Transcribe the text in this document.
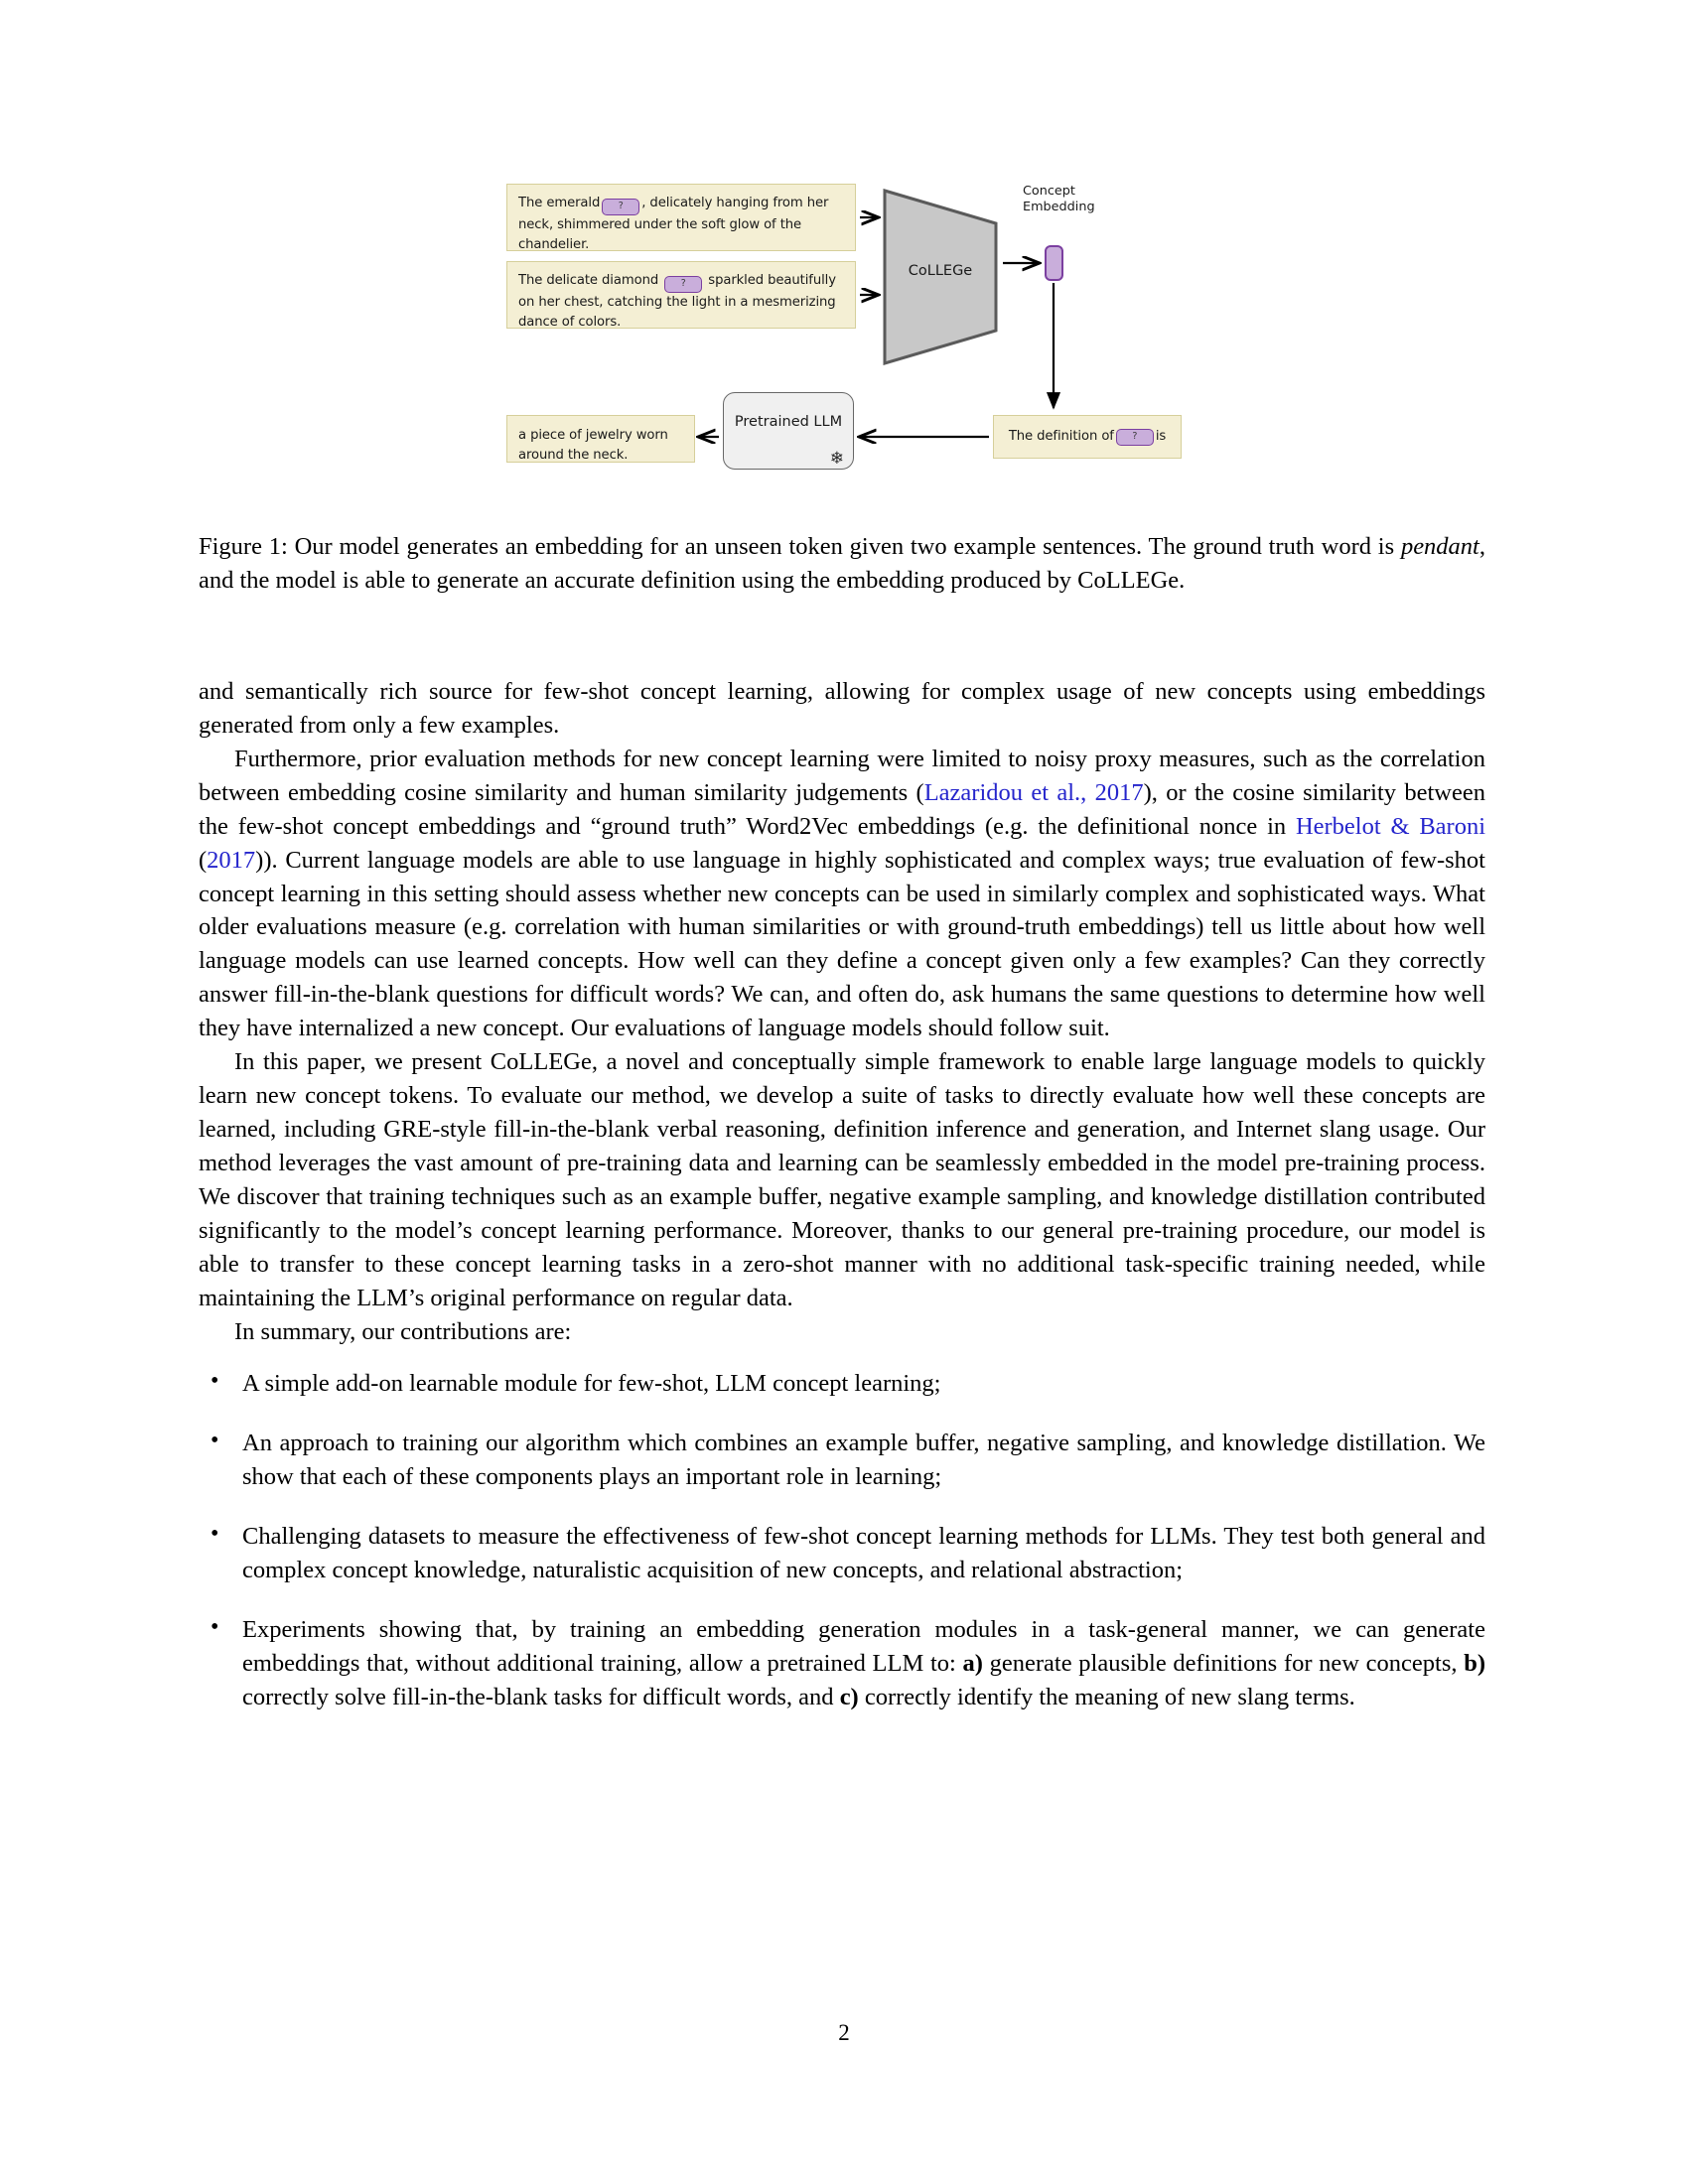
The emerald ? , delicately hanging from her neck, shimmered under the soft glow of the chandelier.
The delicate diamond ? sparkled beautifully on her chest, catching the light in a mesmerizing dance of colors.
CoLLEGe
Concept
Embedding
The definition of	?	is
Pretrained LLM
❄
a piece of jewelry worn around the neck.
Figure 1: Our model generates an embedding for an unseen token given two example sentences. The ground truth word is pendant, and the model is able to generate an accurate definition using the embedding produced by CoLLEGe.

and semantically rich source for few-shot concept learning, allowing for complex usage of new concepts using embeddings generated from only a few examples.

Furthermore, prior evaluation methods for new concept learning were limited to noisy proxy measures, such as the correlation between embedding cosine similarity and human similarity judgements (Lazaridou et al., 2017), or the cosine similarity between the few-shot concept embeddings and “ground truth” Word2Vec embeddings (e.g. the definitional nonce in Herbelot & Baroni (2017)). Current language models are able to use language in highly sophisticated and complex ways; true evaluation of few-shot concept learning in this setting should assess whether new concepts can be used in similarly complex and sophisticated ways. What older evaluations measure (e.g. correlation with human similarities or with ground-truth embeddings) tell us little about how well language models can use learned concepts. How well can they define a concept given only a few examples? Can they correctly answer fill-in-the-blank questions for difficult words? We can, and often do, ask humans the same questions to determine how well they have internalized a new concept. Our evaluations of language models should follow suit.

In this paper, we present CoLLEGe, a novel and conceptually simple framework to enable large language models to quickly learn new concept tokens. To evaluate our method, we develop a suite of tasks to directly evaluate how well these concepts are learned, including GRE-style fill-in-the-blank verbal reasoning, definition inference and generation, and Internet slang usage. Our method leverages the vast amount of pre-training data and learning can be seamlessly embedded in the model pre-training process. We discover that training techniques such as an example buffer, negative example sampling, and knowledge distillation contributed significantly to the model’s concept learning performance. Moreover, thanks to our general pre-training procedure, our model is able to transfer to these concept learning tasks in a zero-shot manner with no additional task-specific training needed, while maintaining the LLM’s original performance on regular data.

In summary, our contributions are:

• A simple add-on learnable module for few-shot, LLM concept learning;
• An approach to training our algorithm which combines an example buffer, negative sampling, and knowledge distillation. We show that each of these components plays an important role in learning;
• Challenging datasets to measure the effectiveness of few-shot concept learning methods for LLMs. They test both general and complex concept knowledge, naturalistic acquisition of new concepts, and relational abstraction;
• Experiments showing that, by training an embedding generation modules in a task-general manner, we can generate embeddings that, without additional training, allow a pretrained LLM to: a) generate plausible definitions for new concepts, b) correctly solve fill-in-the-blank tasks for difficult words, and c) correctly identify the meaning of new slang terms.
2
